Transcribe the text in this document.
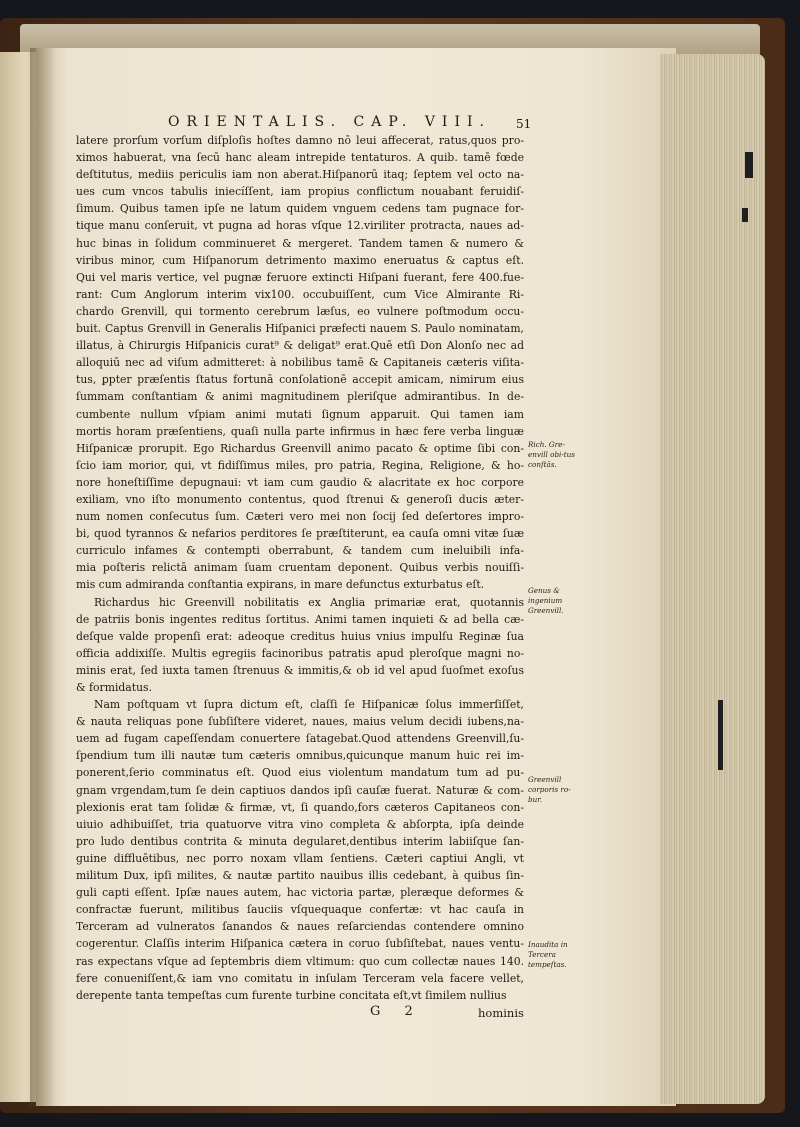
ORIENTALIS. CAP. VIII. 51

latere prorſum vorſum diſploſis hoſtes damno nō leui affecerat, ratus,quos pro-

ximos habuerat, vna ſecū hanc aleam intrepide tentaturos. A quib. tamē fœde

deſtitutus, mediis periculis iam non aberat.Hiſpanorū itaq; ſeptem vel octo na-

ues cum vncos tabulis iniecíſſent, iam propius conflictum nouabant feruidiſ-

ſimum. Quibus tamen ipſe ne latum quidem vnguem cedens tam pugnace for-

tique manu conſeruit, vt pugna ad horas vſque 12.viriliter protracta, naues ad-

huc binas in ſolidum comminueret & mergeret. Tandem tamen & numero &

viribus minor, cum Hiſpanorum detrimento maximo eneruatus & captus eſt.

Qui vel maris vertice, vel pugnæ feruore extincti Hiſpani fuerant, fere 400.fue-

rant: Cum Anglorum interim vix100. occubuiſſent, cum Vice Almirante Ri-

chardo Grenvill, qui tormento cerebrum læſus, eo vulnere poſtmodum occu-

buit. Captus Grenvill in Generalis Hiſpanici præfecti nauem S. Paulo nominatam,

illatus, à Chirurgis Hiſpanicis curat⁹ & deligat⁹ erat.Quē etſi Don Alonſo nec ad

alloquiū nec ad viſum admitteret: à nobilibus tamē & Capitaneis cæteris viſita-

tus, ꝑpter præſentis ſtatus fortunā conſolationē accepit amicam, nimirum eius

ſummam conſtantiam & animi magnitudinem pleriſque admirantibus. In de-

cumbente nullum vſpiam animi mutati ſignum apparuit. Qui tamen iam

mortis horam præſentiens, quaſi nulla parte infirmus in hæc fere verba linguæ

Hiſpanicæ prorupit. Ego Richardus Greenvill animo pacato & optime ſibi con-

ſcio iam morior, qui, vt fidiſſimus miles, pro patria, Regina, Religione, & ho-

nore honeſtiſſime depugnaui: vt iam cum gaudio & alacritate ex hoc corpore

exiliam, vno iſto monumento contentus, quod ſtrenui & generoſi ducis æter-

num nomen conſecutus ſum. Cæteri vero mei non ſocij ſed deſertores impro-

bi, quod tyrannos & nefarios perditores ſe præſtiterunt, ea cauſa omni vitæ ſuæ

curriculo infames & contempti oberrabunt, & tandem cum ineluibili infa-

mia poſteris relictā animam ſuam cruentam deponent. Quibus verbis nouiſſi-

mis cum admiranda conſtantia expirans, in mare defunctus exturbatus eſt.

Richardus hic Greenvill nobilitatis ex Anglia primariæ erat, quotannis

de patriis bonis ingentes reditus ſortitus. Animi tamen inquieti & ad bella cæ-

deſque valde propenſi erat: adeoque creditus huius vnius impulſu Reginæ ſua

officia addixiſſe. Multis egregiis facinoribus patratis apud pleroſque magni no-

minis erat, ſed iuxta tamen ſtrenuus & immitis,& ob id vel apud ſuoſmet exoſus

& formidatus.

Nam poſtquam vt ſupra dictum eſt, claſſi ſe Hiſpanicæ ſolus immerſiſſet,

& nauta reliquas pone ſubſiſtere videret, naues, maius velum decidi iubens,na-

uem ad fugam capeſſendam conuertere ſatagebat.Quod attendens Greenvill,ſu-

ſpendium tum illi nautæ tum cæteris omnibus,quicunque manum huic rei im-

ponerent,ſerio comminatus eſt. Quod eius violentum mandatum tum ad pu-

gnam vrgendam,tum ſe dein captiuos dandos ipſi cauſæ fuerat. Naturæ & com-

plexionis erat tam ſolidæ & firmæ, vt, ſi quando,fors cæteros Capitaneos con-

uiuio adhibuiſſet, tria quatuorve vitra vino completa & abſorpta, ipſa deinde

pro ludo dentibus contrita & minuta degularet,dentibus interim labiiſque ſan-

guine diffluētibus, nec porro noxam vllam ſentiens. Cæteri captiui Angli, vt

militum Dux, ipſi milites, & nautæ partito nauibus illis cedebant, à quibus ſin-

guli capti eſſent. Ipſæ naues autem, hac victoria partæ, pleræque deformes &

confractæ fuerunt, militibus ſauciis vſquequaque confertæ: vt hac cauſa in

Terceram ad vulneratos ſanandos & naues reſarciendas contendere omnino

cogerentur. Claſſis interim Hiſpanica cætera in coruo ſubſiſtebat, naues ventu-

ras expectans vſque ad ſeptembris diem vltimum: quo cum collectæ naues 140.

fere conueniſſent,& iam vno comitatu in inſulam Terceram vela facere vellet,

derepente tanta tempeſtas cum furente turbine concitata eſt,vt ſimilem nullius

Rich. Gre-envill obi-tus conſtās.

Genus & ingenium Greenvill.

Greenvill corporis ro-bur.

Inaudita in Tercera tempeſtas.

G 2	hominis
